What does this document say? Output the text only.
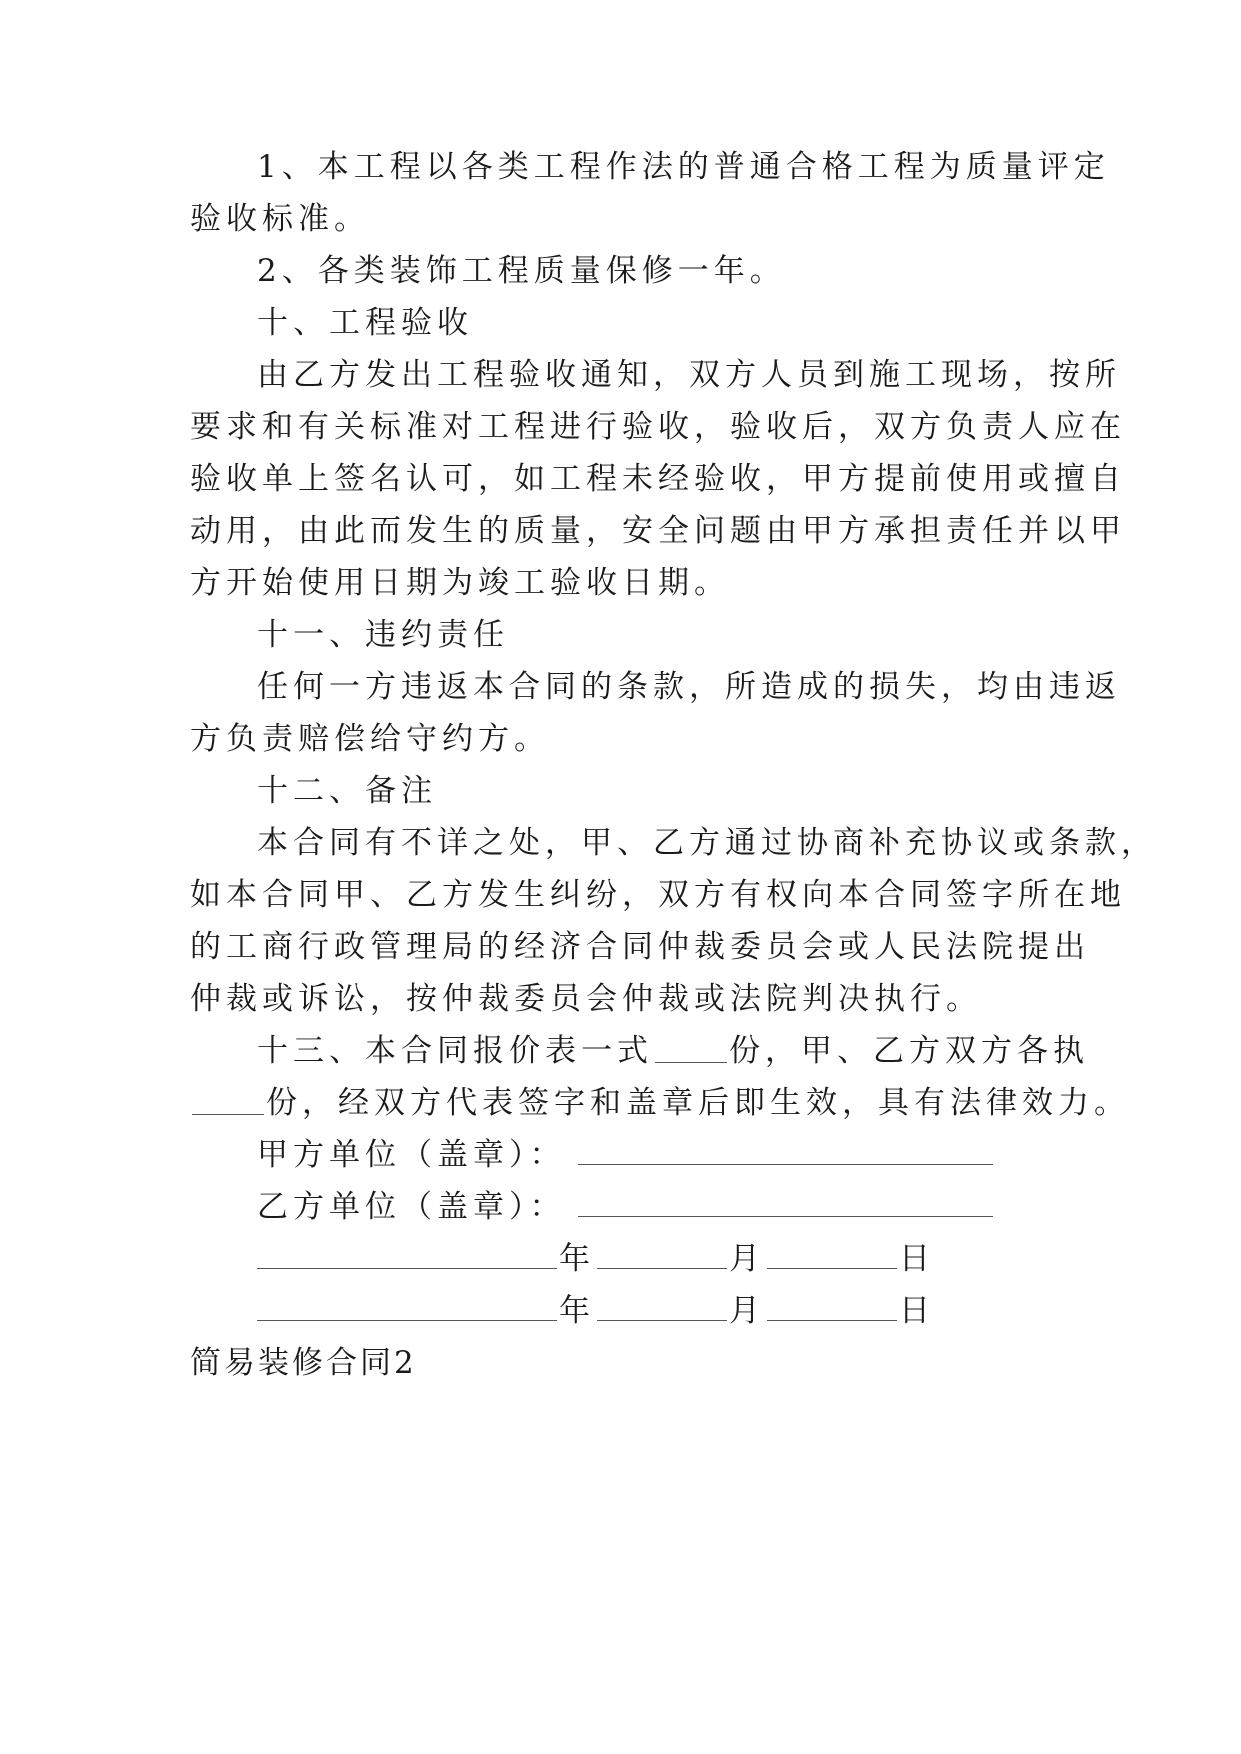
1、本工程以各类工程作法的普通合格工程为质量评定

验收标准。

2、各类装饰工程质量保修一年。

十、工程验收

由乙方发出工程验收通知，双方人员到施工现场，按所

要求和有关标准对工程进行验收，验收后，双方负责人应在

验收单上签名认可，如工程未经验收，甲方提前使用或擅自

动用，由此而发生的质量，安全问题由甲方承担责任并以甲

方开始使用日期为竣工验收日期。

十一、违约责任

任何一方违返本合同的条款，所造成的损失，均由违返

方负责赔偿给守约方。

十二、备注

本合同有不详之处，甲、乙方通过协商补充协议或条款，

如本合同甲、乙方发生纠纷，双方有权向本合同签字所在地

的工商行政管理局的经济合同仲裁委员会或人民法院提出

仲裁或诉讼，按仲裁委员会仲裁或法院判决执行。

十三、本合同报价表一式 份，甲、乙方双方各执

份，经双方代表签字和盖章后即生效，具有法律效力。

甲方单位（盖章）：
乙方单位（盖章）：
年	月	日
年	月	日

简易装修合同2
